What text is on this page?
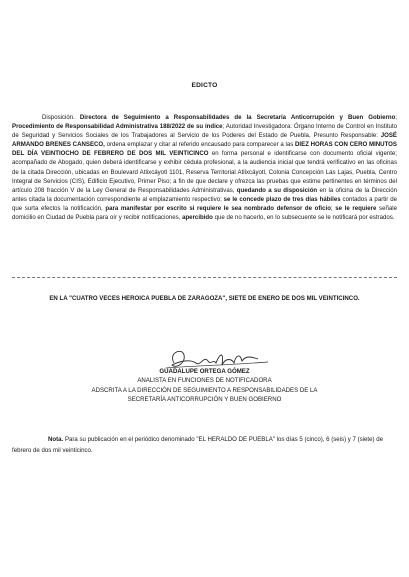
EDICTO
Disposición. Directora de Seguimiento a Responsabilidades de la Secretaría Anticorrupción y Buen Gobierno; Procedimiento de Responsabilidad Administrativa 188/2022 de su índice; Autoridad Investigadora: Órgano Interno de Control en Instituto de Seguridad y Servicios Sociales de los Trabajadores al Servicio de los Poderes del Estado de Puebla, Presunto Responsable: JOSÉ ARMANDO BRENES CANSECO, ordena emplazar y citar al referido encausado para comparecer a las DIEZ HORAS CON CERO MINUTOS DEL DÍA VEINTIOCHO DE FEBRERO DE DOS MIL VEINTICINCO en forma personal e identificarse con documento oficial vigente; acompañado de Abogado, quien deberá identificarse y exhibir cédula profesional, a la audiencia inicial que tendrá verificativo en las oficinas de la citada Dirección, ubicadas en Boulevard Atlixcáyotl 1101, Reserva Territorial Atlixcáyotl, Colonia Concepción Las Lajas, Puebla, Centro Integral de Servicios (CIS), Edificio Ejecutivo, Primer Piso; a fin de que declare y ofrezca las pruebas que estime pertinentes en términos del artículo 208 fracción V de la Ley General de Responsabilidades Administrativas, quedando a su disposición en la oficina de la Dirección antes citada la documentación correspondiente al emplazamiento respectivo; se le concede plazo de tres días hábiles contados a partir de que surta efectos la notificación, para manifestar por escrito si requiere le sea nombrado defensor de oficio; se le requiere señale domicilio en Ciudad de Puebla para oír y recibir notificaciones, apercibido que de no hacerlo, en lo subsecuente se le notificará por estrados.
EN LA "CUATRO VECES HEROICA PUEBLA DE ZARAGOZA", SIETE DE ENERO DE DOS MIL VEINTICINCO.
GUADALUPE ORTEGA GÓMEZ
ANALISTA EN FUNCIONES DE NOTIFICADORA
ADSCRITA A LA DIRECCIÓN DE SEGUIMIENTO A RESPONSABILIDADES DE LA
SECRETARÍA ANTICORRUPCIÓN Y BUEN GOBIERNO
Nota. Para su publicación en el periódico denominado "EL HERALDO DE PUEBLA" los días 5 (cinco), 6 (seis) y 7 (siete) de febrero de dos mil veinticinco.
